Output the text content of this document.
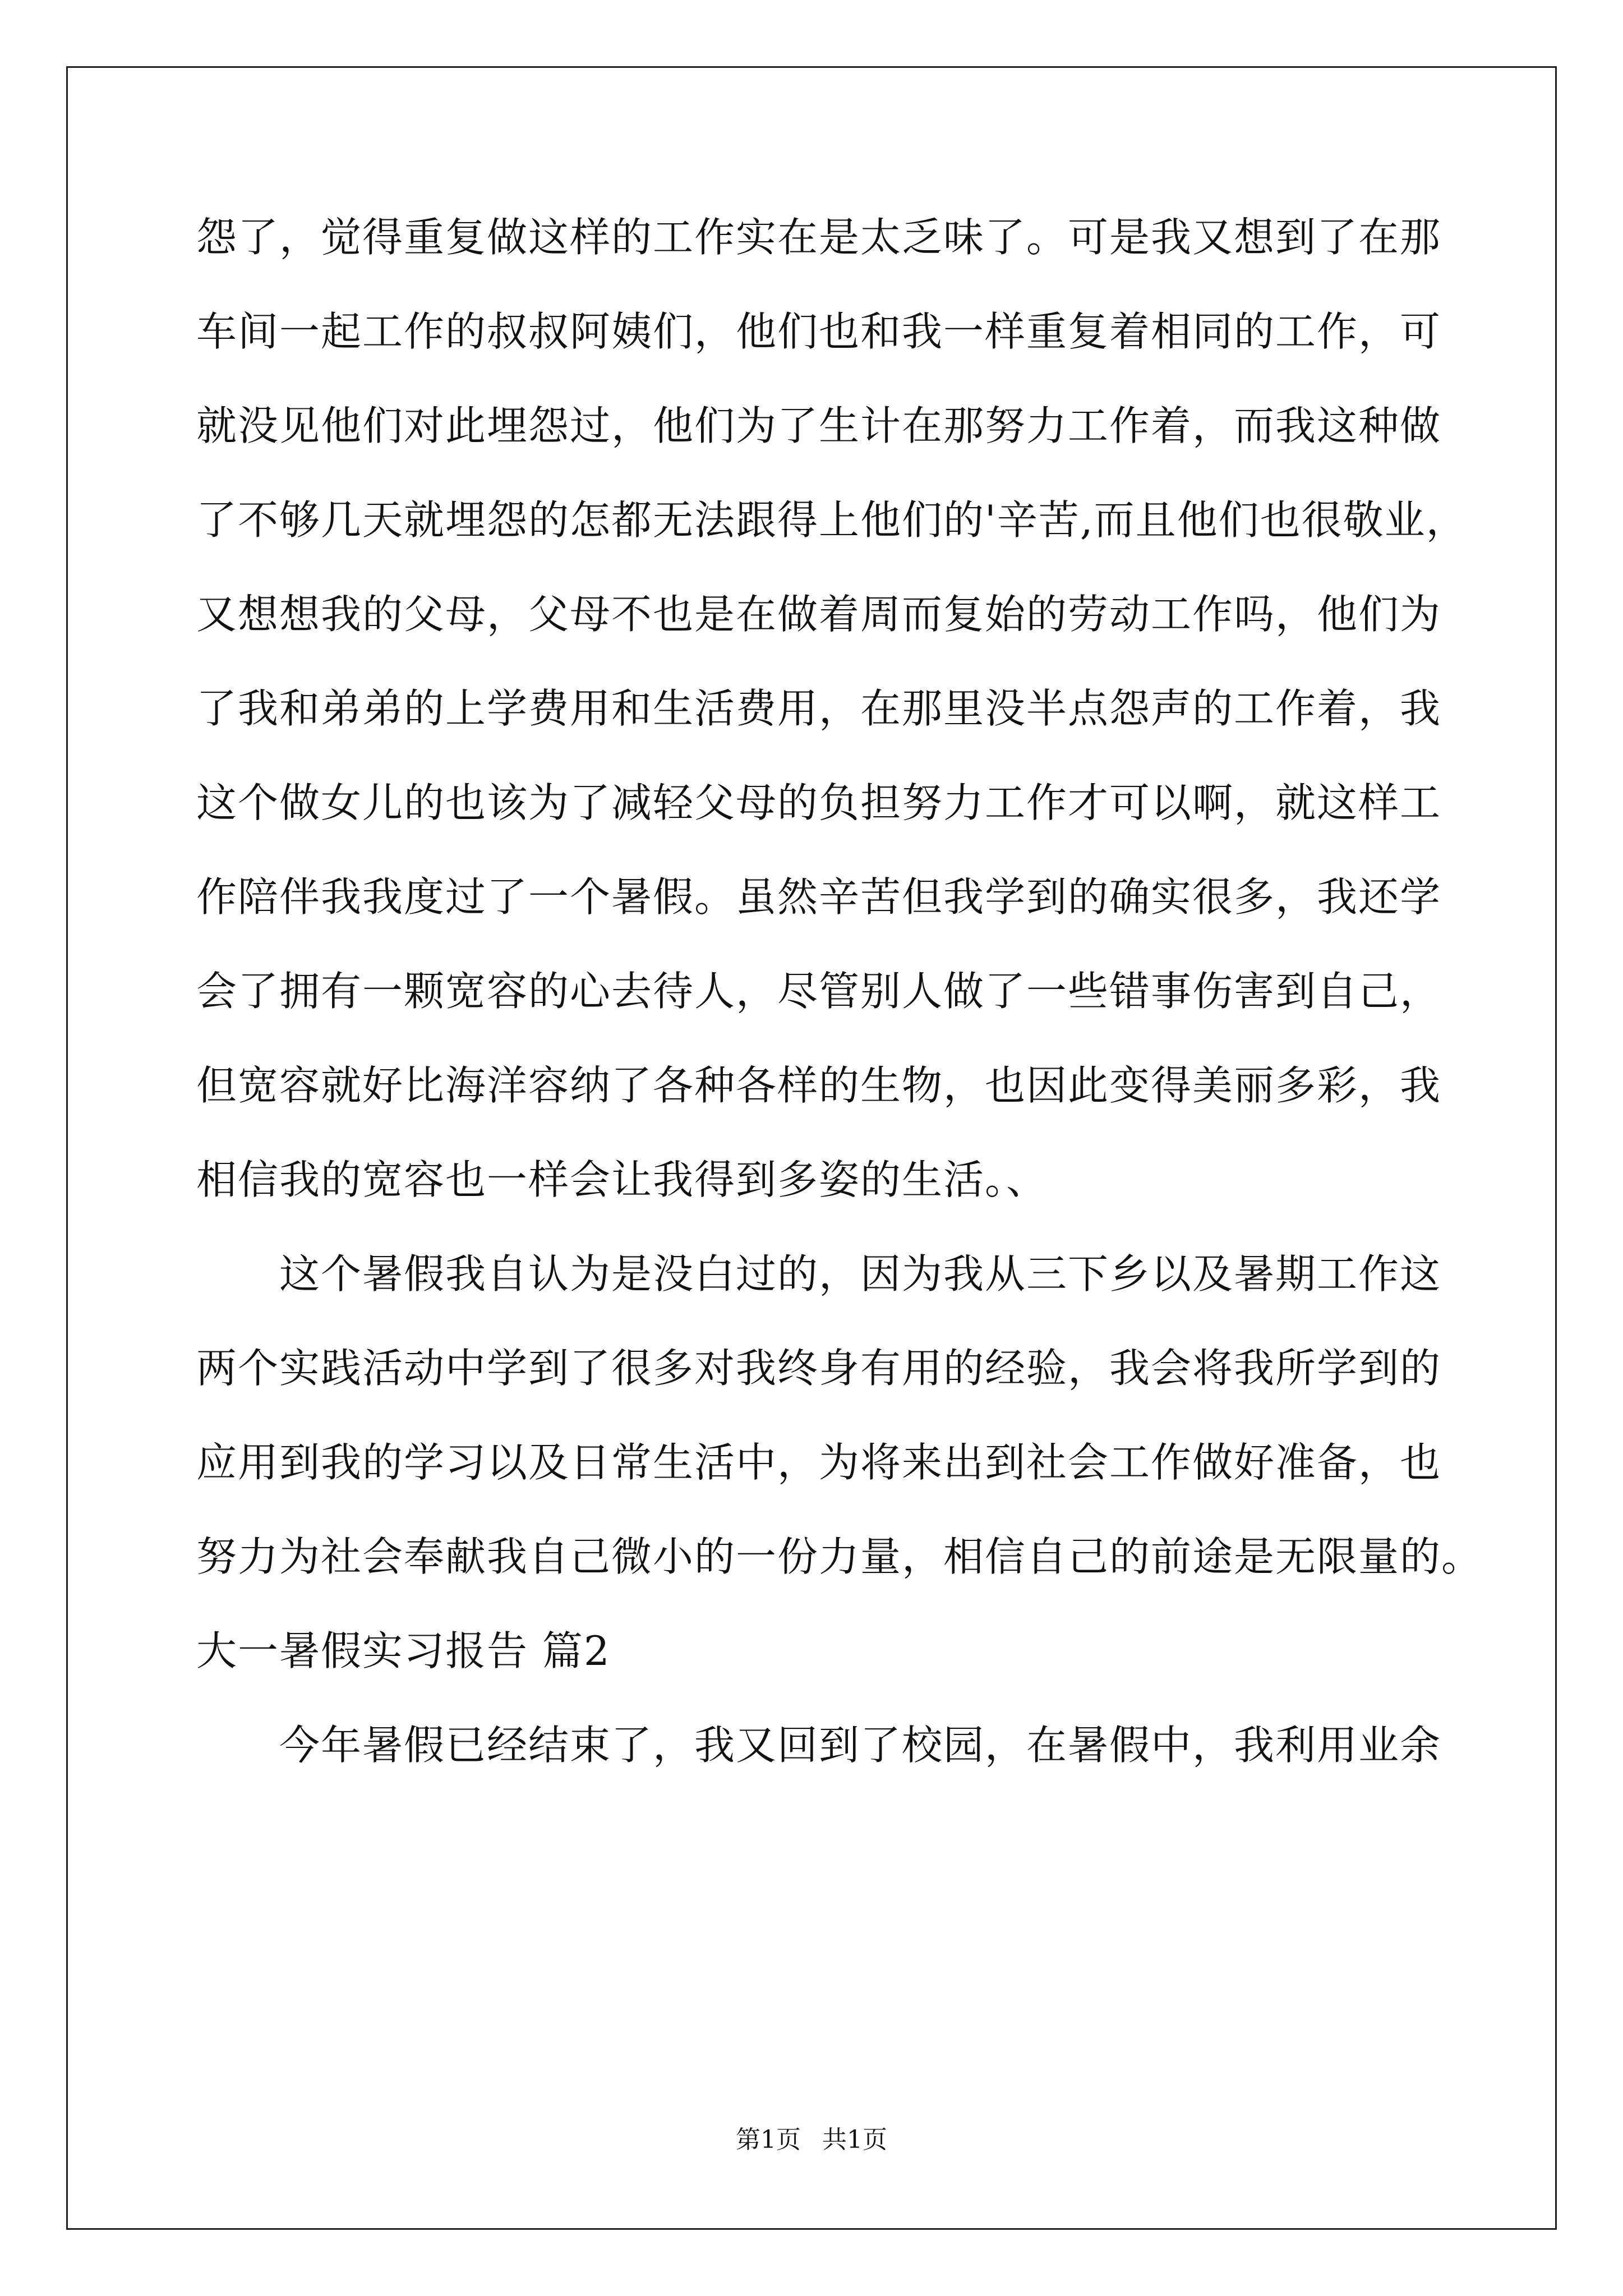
怨了，觉得重复做这样的工作实在是太乏味了。可是我又想到了在那
车间一起工作的叔叔阿姨们，他们也和我一样重复着相同的工作，可
就没见他们对此埋怨过，他们为了生计在那努力工作着，而我这种做
了不够几天就埋怨的怎都无法跟得上他们的'辛苦,而且他们也很敬业，
又想想我的父母，父母不也是在做着周而复始的劳动工作吗，他们为
了我和弟弟的上学费用和生活费用，在那里没半点怨声的工作着，我
这个做女儿的也该为了减轻父母的负担努力工作才可以啊，就这样工
作陪伴我我度过了一个暑假。虽然辛苦但我学到的确实很多，我还学
会了拥有一颗宽容的心去待人，尽管别人做了一些错事伤害到自己，
但宽容就好比海洋容纳了各种各样的生物，也因此变得美丽多彩，我
相信我的宽容也一样会让我得到多姿的生活。、
　　这个暑假我自认为是没白过的，因为我从三下乡以及暑期工作这
两个实践活动中学到了很多对我终身有用的经验，我会将我所学到的
应用到我的学习以及日常生活中，为将来出到社会工作做好准备，也
努力为社会奉献我自己微小的一份力量，相信自己的前途是无限量的。
大一暑假实习报告 篇2
　　今年暑假已经结束了，我又回到了校园，在暑假中，我利用业余
第1页 共1页
